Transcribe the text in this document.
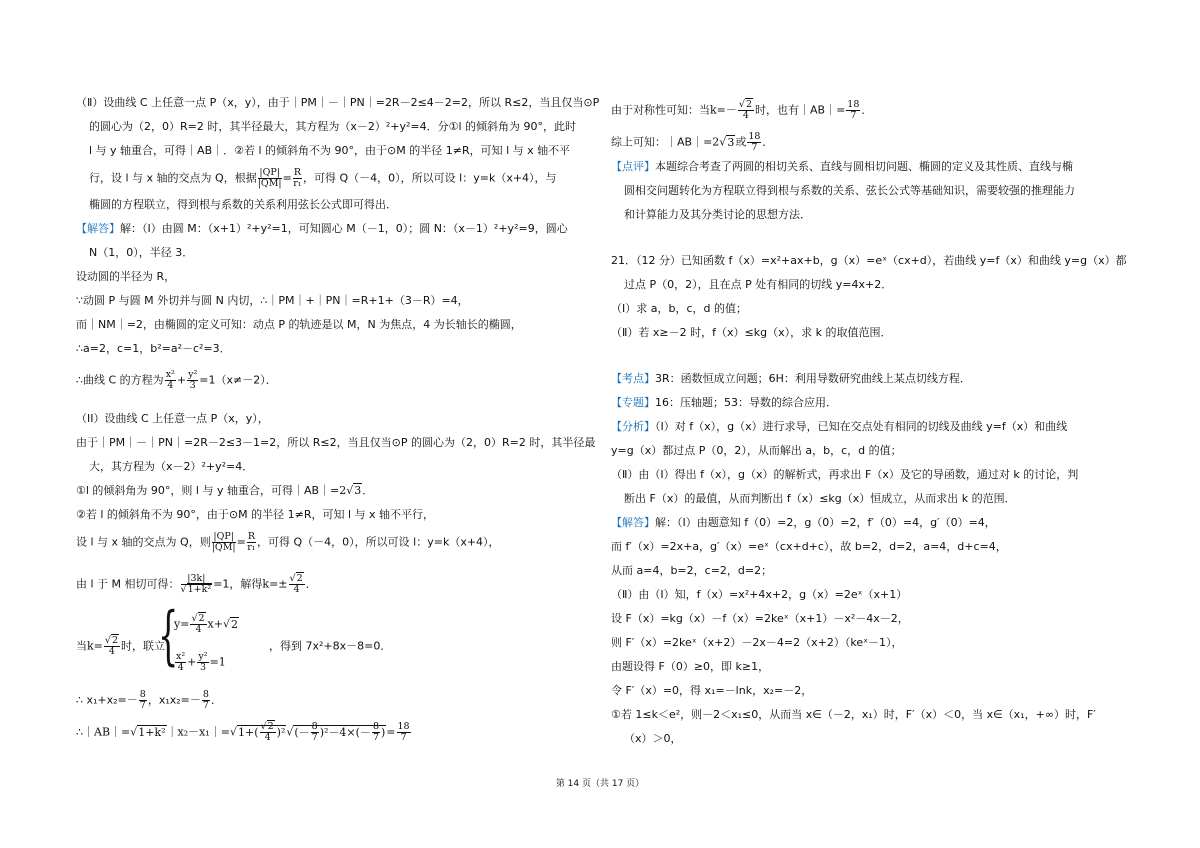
（Ⅱ）设曲线 C 上任意一点 P（x，y），由于｜PM｜－｜PN｜=2R－2≤4－2=2，所以 R≤2，当且仅当⊙P
的圆心为（2，0）R=2 时，其半径最大，其方程为（x－2）²+y²=4．分①l 的倾斜角为 90°，此时
l 与 y 轴重合，可得｜AB｜．②若 l 的倾斜角不为 90°，由于⊙M 的半径 1≠R，可知 l 与 x 轴不平
行，设 l 与 x 轴的交点为 Q，根据 $\frac{|QP|}{|QM|} = \frac{R}{\text{r₁}}$ ，可得 Q（－4，0），所以可设 l：y=k（x+4），与
椭圆的方程联立，得到根与系数的关系利用弦长公式即可得出．
【解答】解：（I）由圆 M：（x+1）²+y²=1，可知圆心 M（－1，0）；圆 N：（x－1）²+y²=9，圆心
N（1，0），半径 3．
设动圆的半径为 R，
∵动圆 P 与圆 M 外切并与圆 N 内切，∴｜PM｜+｜PN｜=R+1+（3－R）=4，
而｜NM｜=2，由椭圆的定义可知：动点 P 的轨迹是以 M，N 为焦点，4 为长轴长的椭圆，
∴a=2，c=1，b²=a²－c²=3．
∴曲线 C 的方程为 $\frac{\text{x²}}{4} + \frac{\text{y²}}{3} =1(x\ne-2)$．
（II）设曲线 C 上任意一点 P（x，y），
由于｜PM｜－｜PN｜=2R－2≤3－1=2，所以 R≤2，当且仅当⊙P 的圆心为（2，0）R=2 时，其半径最
大，其方程为（x－2）²+y²=4．
①l 的倾斜角为 90°，则 l 与 y 轴重合，可得｜AB｜=2√3．
②若 l 的倾斜角不为 90°，由于⊙M 的半径 1≠R，可知 l 与 x 轴不平行，
设 l 与 x 轴的交点为 Q，则 $\frac{|QP|}{|QM|} = \frac{R}{\text{r₁}}$ ，可得 Q（－4，0），所以可设 l：y=k（x+4），
由 l 于 M 相切可得： $\frac{|3k|}{\text{√1+k²}} =1$，解得$k=\pm \frac{√2}{4}$ ．
当$k= \frac{√2}{4}$ 时，联立	，得到 7x²+8x－8=0．
{
$y= \frac{√2}{4} x+√2$
$\frac{\text{x²}}{4} + \frac{\text{y²}}{3} =1$
∴ $x_1+x_2=- \frac{8}{7}$ ，$x_1x_2=- \frac{8}{7}$ ．
∴｜AB｜=√1+k²｜x₂－x₁｜=√1+( $\frac{√2}{4} )^2√(- \frac{8}{7} )^2-4\times(- \frac{8}{7}$ )= $\frac{18}{7}$
由于对称性可知：当$k=- \frac{√2}{4}$ 时，也有｜AB｜= $\frac{18}{7}$ ．
综上可知：｜AB｜=2√3或 $\frac{18}{7}$ ．
【点评】本题综合考查了两圆的相切关系、直线与圆相切问题、椭圆的定义及其性质、直线与椭
圆相交问题转化为方程联立得到根与系数的关系、弦长公式等基础知识，需要较强的推理能力
和计算能力及其分类讨论的思想方法．
21．（12 分）已知函数 f（x）=x²+ax+b，g（x）=eˣ（cx+d），若曲线 y=f（x）和曲线 y=g（x）都
过点 P（0，2），且在点 P 处有相同的切线 y=4x+2．
（Ⅰ）求 a，b，c，d 的值；
（Ⅱ）若 x≥－2 时，f（x）≤kg（x），求 k 的取值范围．
【考点】3R：函数恒成立问题；6H：利用导数研究曲线上某点切线方程．
【专题】16：压轴题；53：导数的综合应用．
【分析】（Ⅰ）对 f（x），g（x）进行求导，已知在交点处有相同的切线及曲线 y=f（x）和曲线
y=g（x）都过点 P（0，2），从而解出 a，b，c，d 的值；
（Ⅱ）由（I）得出 f（x），g（x）的解析式，再求出 F（x）及它的导函数，通过对 k 的讨论，判
断出 F（x）的最值，从而判断出 f（x）≤kg（x）恒成立，从而求出 k 的范围．
【解答】解：（Ⅰ）由题意知 f（0）=2，g（0）=2，f′（0）=4，g′（0）=4，
而 f′（x）=2x+a，g′（x）=eˣ（cx+d+c），故 b=2，d=2，a=4，d+c=4，
从而 a=4，b=2，c=2，d=2；
（Ⅱ）由（I）知，f（x）=x²+4x+2，g（x）=2eˣ（x+1）
设 F（x）=kg（x）－f（x）=2keˣ（x+1）－x²－4x－2，
则 F′（x）=2keˣ（x+2）－2x－4=2（x+2）（keˣ－1），
由题设得 F（0）≥0，即 k≥1，
令 F′（x）=0，得 x₁=－lnk，x₂=－2，
①若 1≤k＜e²，则－2＜x₁≤0，从而当 x∈（－2，x₁）时，F′（x）＜0，当 x∈（x₁，+∞）时，F′
（x）＞0，
第 14 页（共 17 页）
